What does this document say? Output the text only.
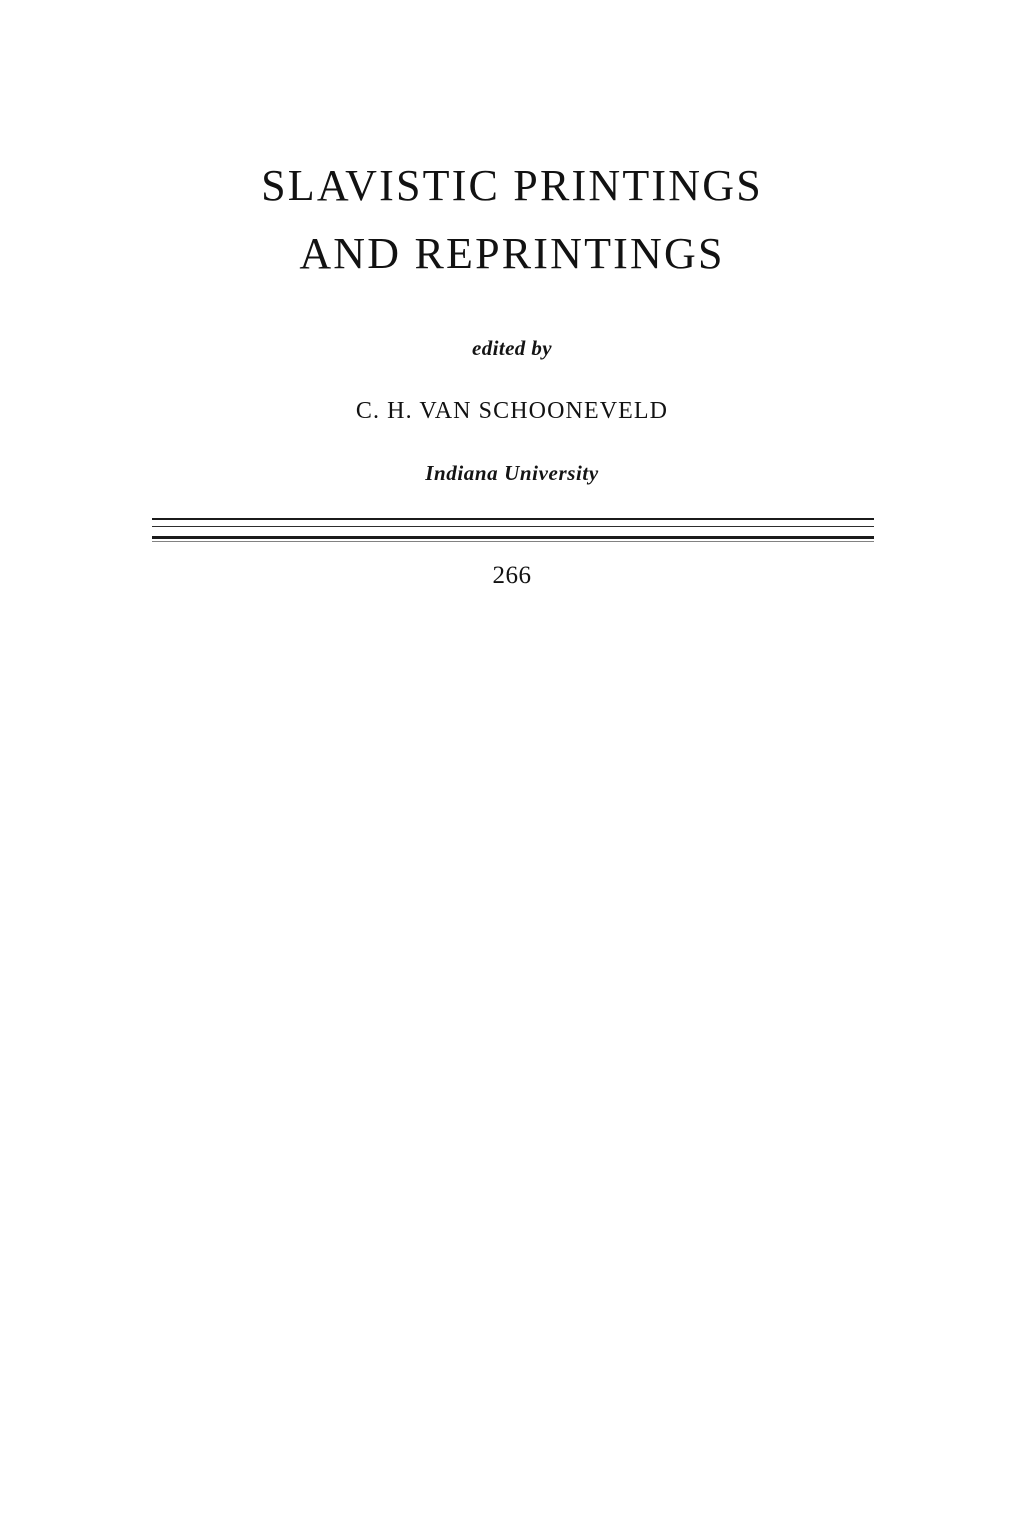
SLAVISTIC PRINTINGS
AND REPRINTINGS
edited by
C. H. VAN SCHOONEVELD
Indiana University
266
